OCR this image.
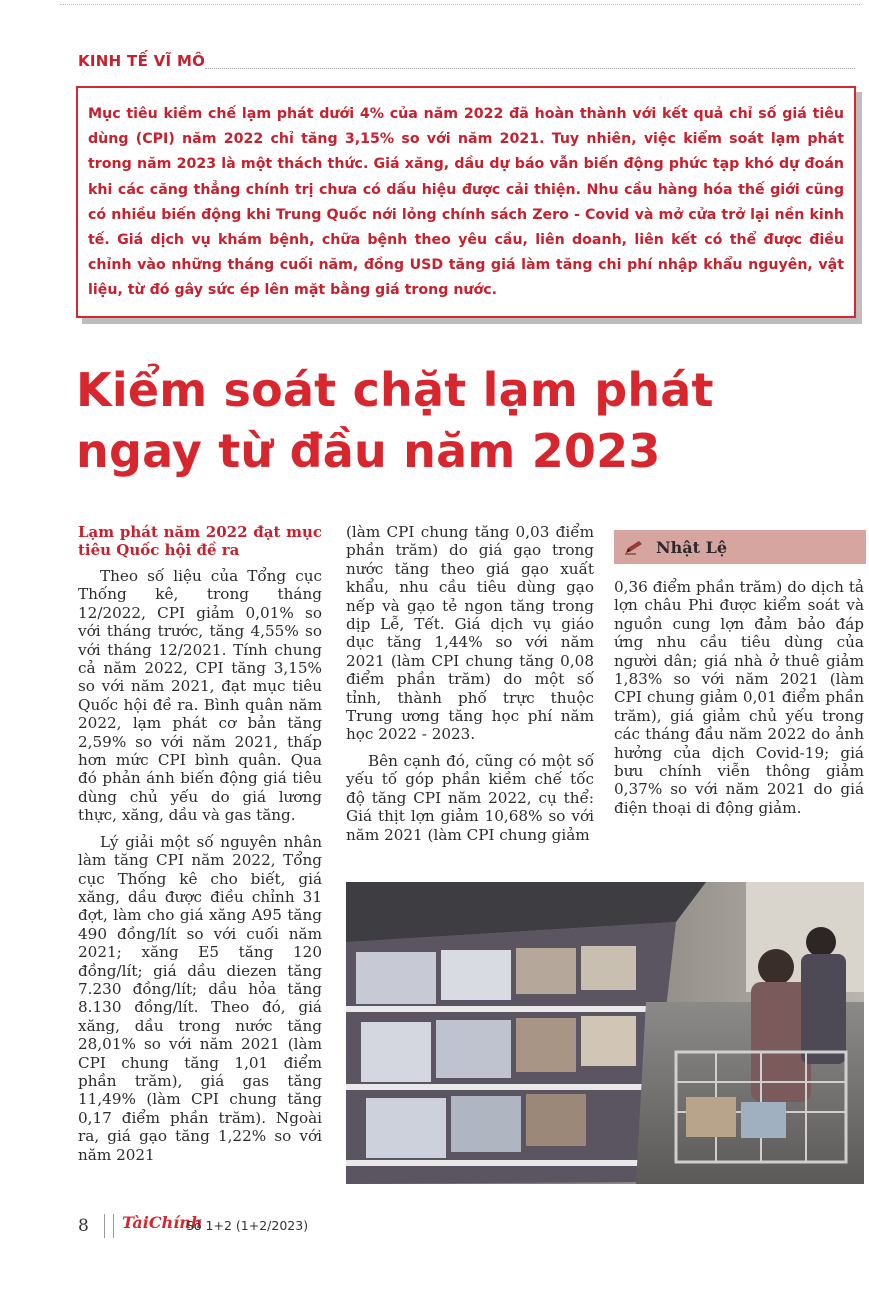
KINH TẾ VĨ MÔ

Mục tiêu kiềm chế lạm phát dưới 4% của năm 2022 đã hoàn thành với kết quả chỉ số giá tiêu dùng (CPI) năm 2022 chỉ tăng 3,15% so với năm 2021. Tuy nhiên, việc kiểm soát lạm phát trong năm 2023 là một thách thức. Giá xăng, dầu dự báo vẫn biến động phức tạp khó dự đoán khi các căng thẳng chính trị chưa có dấu hiệu được cải thiện. Nhu cầu hàng hóa thế giới cũng có nhiều biến động khi Trung Quốc nới lỏng chính sách Zero - Covid và mở cửa trở lại nền kinh tế. Giá dịch vụ khám bệnh, chữa bệnh theo yêu cầu, liên doanh, liên kết có thể được điều chỉnh vào những tháng cuối năm, đồng USD tăng giá làm tăng chi phí nhập khẩu nguyên, vật liệu, từ đó gây sức ép lên mặt bằng giá trong nước.

Kiểm soát chặt lạm phát
ngay từ đầu năm 2023
Lạm phát năm 2022 đạt mục tiêu Quốc hội đề ra

Theo số liệu của Tổng cục Thống kê, trong tháng 12/2022, CPI giảm 0,01% so với tháng trước, tăng 4,55% so với tháng 12/2021. Tính chung cả năm 2022, CPI tăng 3,15% so với năm 2021, đạt mục tiêu Quốc hội đề ra. Bình quân năm 2022, lạm phát cơ bản tăng 2,59% so với năm 2021, thấp hơn mức CPI bình quân. Qua đó phản ánh biến động giá tiêu dùng chủ yếu do giá lương thực, xăng, dầu và gas tăng.

Lý giải một số nguyên nhân làm tăng CPI năm 2022, Tổng cục Thống kê cho biết, giá xăng, dầu được điều chỉnh 31 đợt, làm cho giá xăng A95 tăng 490 đồng/lít so với cuối năm 2021; xăng E5 tăng 120 đồng/lít; giá dầu diezen tăng 7.230 đồng/lít; dầu hỏa tăng 8.130 đồng/lít. Theo đó, giá xăng, dầu trong nước tăng 28,01% so với năm 2021 (làm CPI chung tăng 1,01 điểm phần trăm), giá gas tăng 11,49% (làm CPI chung tăng 0,17 điểm phần trăm). Ngoài ra, giá gạo tăng 1,22% so với năm 2021

(làm CPI chung tăng 0,03 điểm phần trăm) do giá gạo trong nước tăng theo giá gạo xuất khẩu, nhu cầu tiêu dùng gạo nếp và gạo tẻ ngon tăng trong dịp Lễ, Tết. Giá dịch vụ giáo dục tăng 1,44% so với năm 2021 (làm CPI chung tăng 0,08 điểm phần trăm) do một số tỉnh, thành phố trực thuộc Trung ương tăng học phí năm học 2022 - 2023.

Bên cạnh đó, cũng có một số yếu tố góp phần kiềm chế tốc độ tăng CPI năm 2022, cụ thể: Giá thịt lợn giảm 10,68% so với năm 2021 (làm CPI chung giảm

Nhật Lệ

0,36 điểm phần trăm) do dịch tả lợn châu Phi được kiểm soát và nguồn cung lợn đảm bảo đáp ứng nhu cầu tiêu dùng của người dân; giá nhà ở thuê giảm 1,83% so với năm 2021 (làm CPI chung giảm 0,01 điểm phần trăm), giá giảm chủ yếu trong các tháng đầu năm 2022 do ảnh hưởng của dịch Covid-19; giá bưu chính viễn thông giảm 0,37% so với năm 2021 do giá điện thoại di động giảm.

8 TàiChính
Số 1+2 (1+2/2023)
